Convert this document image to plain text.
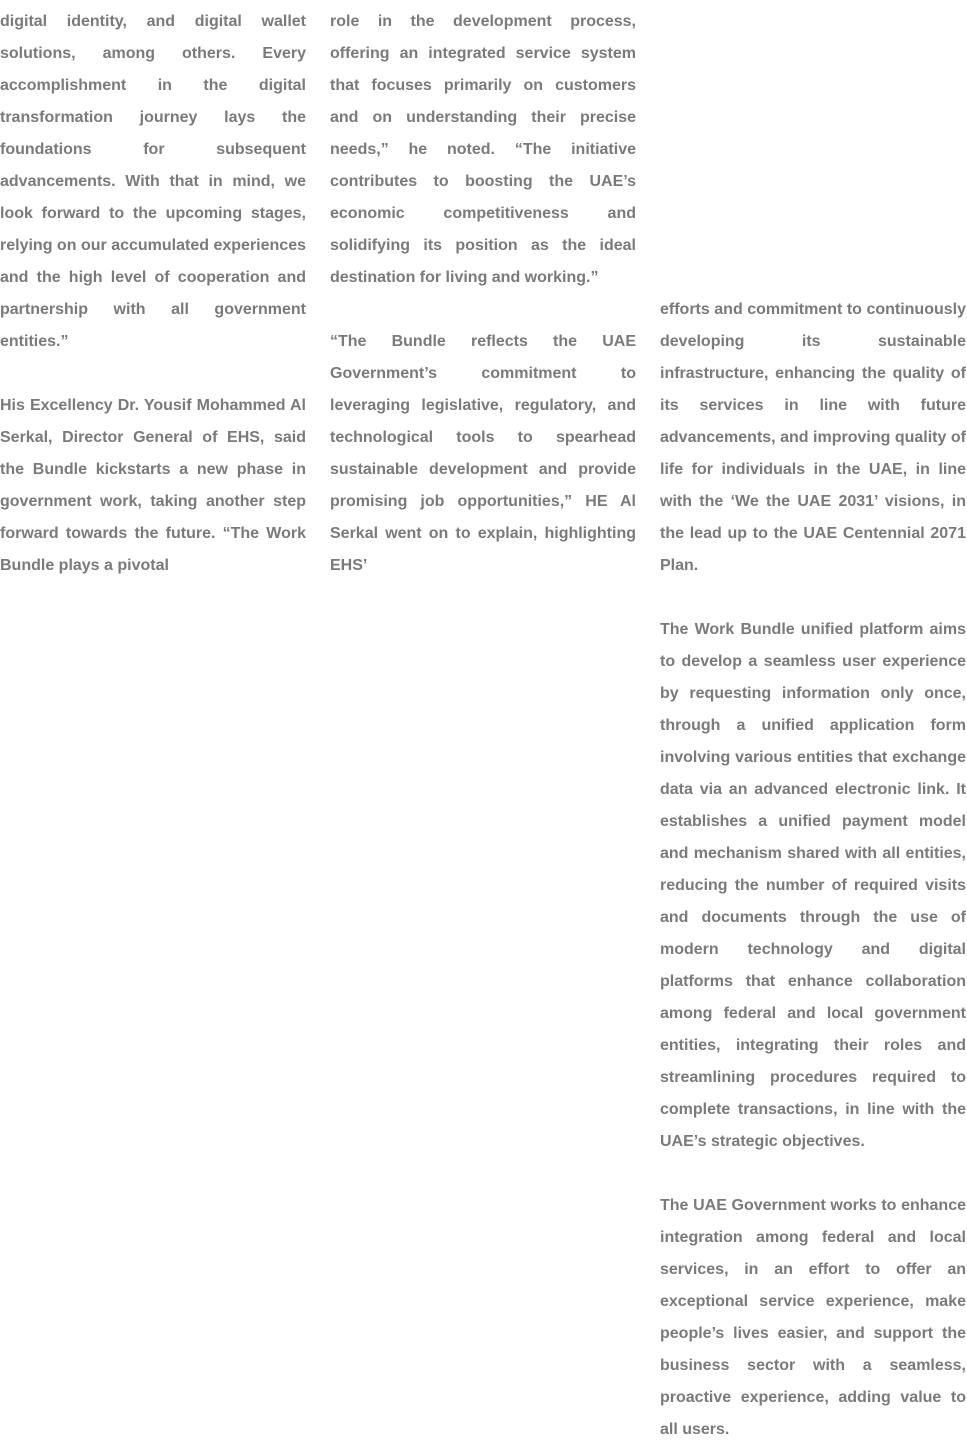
digital identity, and digital wallet solutions, among others. Every accomplishment in the digital transformation journey lays the foundations for subsequent advancements. With that in mind, we look forward to the upcoming stages, relying on our accumulated experiences and the high level of cooperation and partnership with all government entities.”

His Excellency Dr. Yousif Mohammed Al Serkal, Director General of EHS, said the Bundle kickstarts a new phase in government work, taking another step forward towards the future. “The Work Bundle plays a pivotal

role in the development process, offering an integrated service system that focuses primarily on customers and on understanding their precise needs,” he noted. “The initiative contributes to boosting the UAE’s economic competitiveness and solidifying its position as the ideal destination for living and working.”

“The Bundle reflects the UAE Government’s commitment to leveraging legislative, regulatory, and technological tools to spearhead sustainable development and provide promising job opportunities,” HE Al Serkal went on to explain, highlighting EHS’

efforts and commitment to continuously developing its sustainable infrastructure, enhancing the quality of its services in line with future advancements, and improving quality of life for individuals in the UAE, in line with the ‘We the UAE 2031’ visions, in the lead up to the UAE Centennial 2071 Plan.

The Work Bundle unified platform aims to develop a seamless user experience by requesting information only once, through a unified application form involving various entities that exchange data via an advanced electronic link. It establishes a unified payment model and mechanism shared with all entities, reducing the number of required visits and documents through the use of modern technology and digital platforms that enhance collaboration among federal and local government entities, integrating their roles and streamlining procedures required to complete transactions, in line with the UAE’s strategic objectives.

The UAE Government works to enhance integration among federal and local services, in an effort to offer an exceptional service experience, make people’s lives easier, and support the business sector with a seamless, proactive experience, adding value to all users.
